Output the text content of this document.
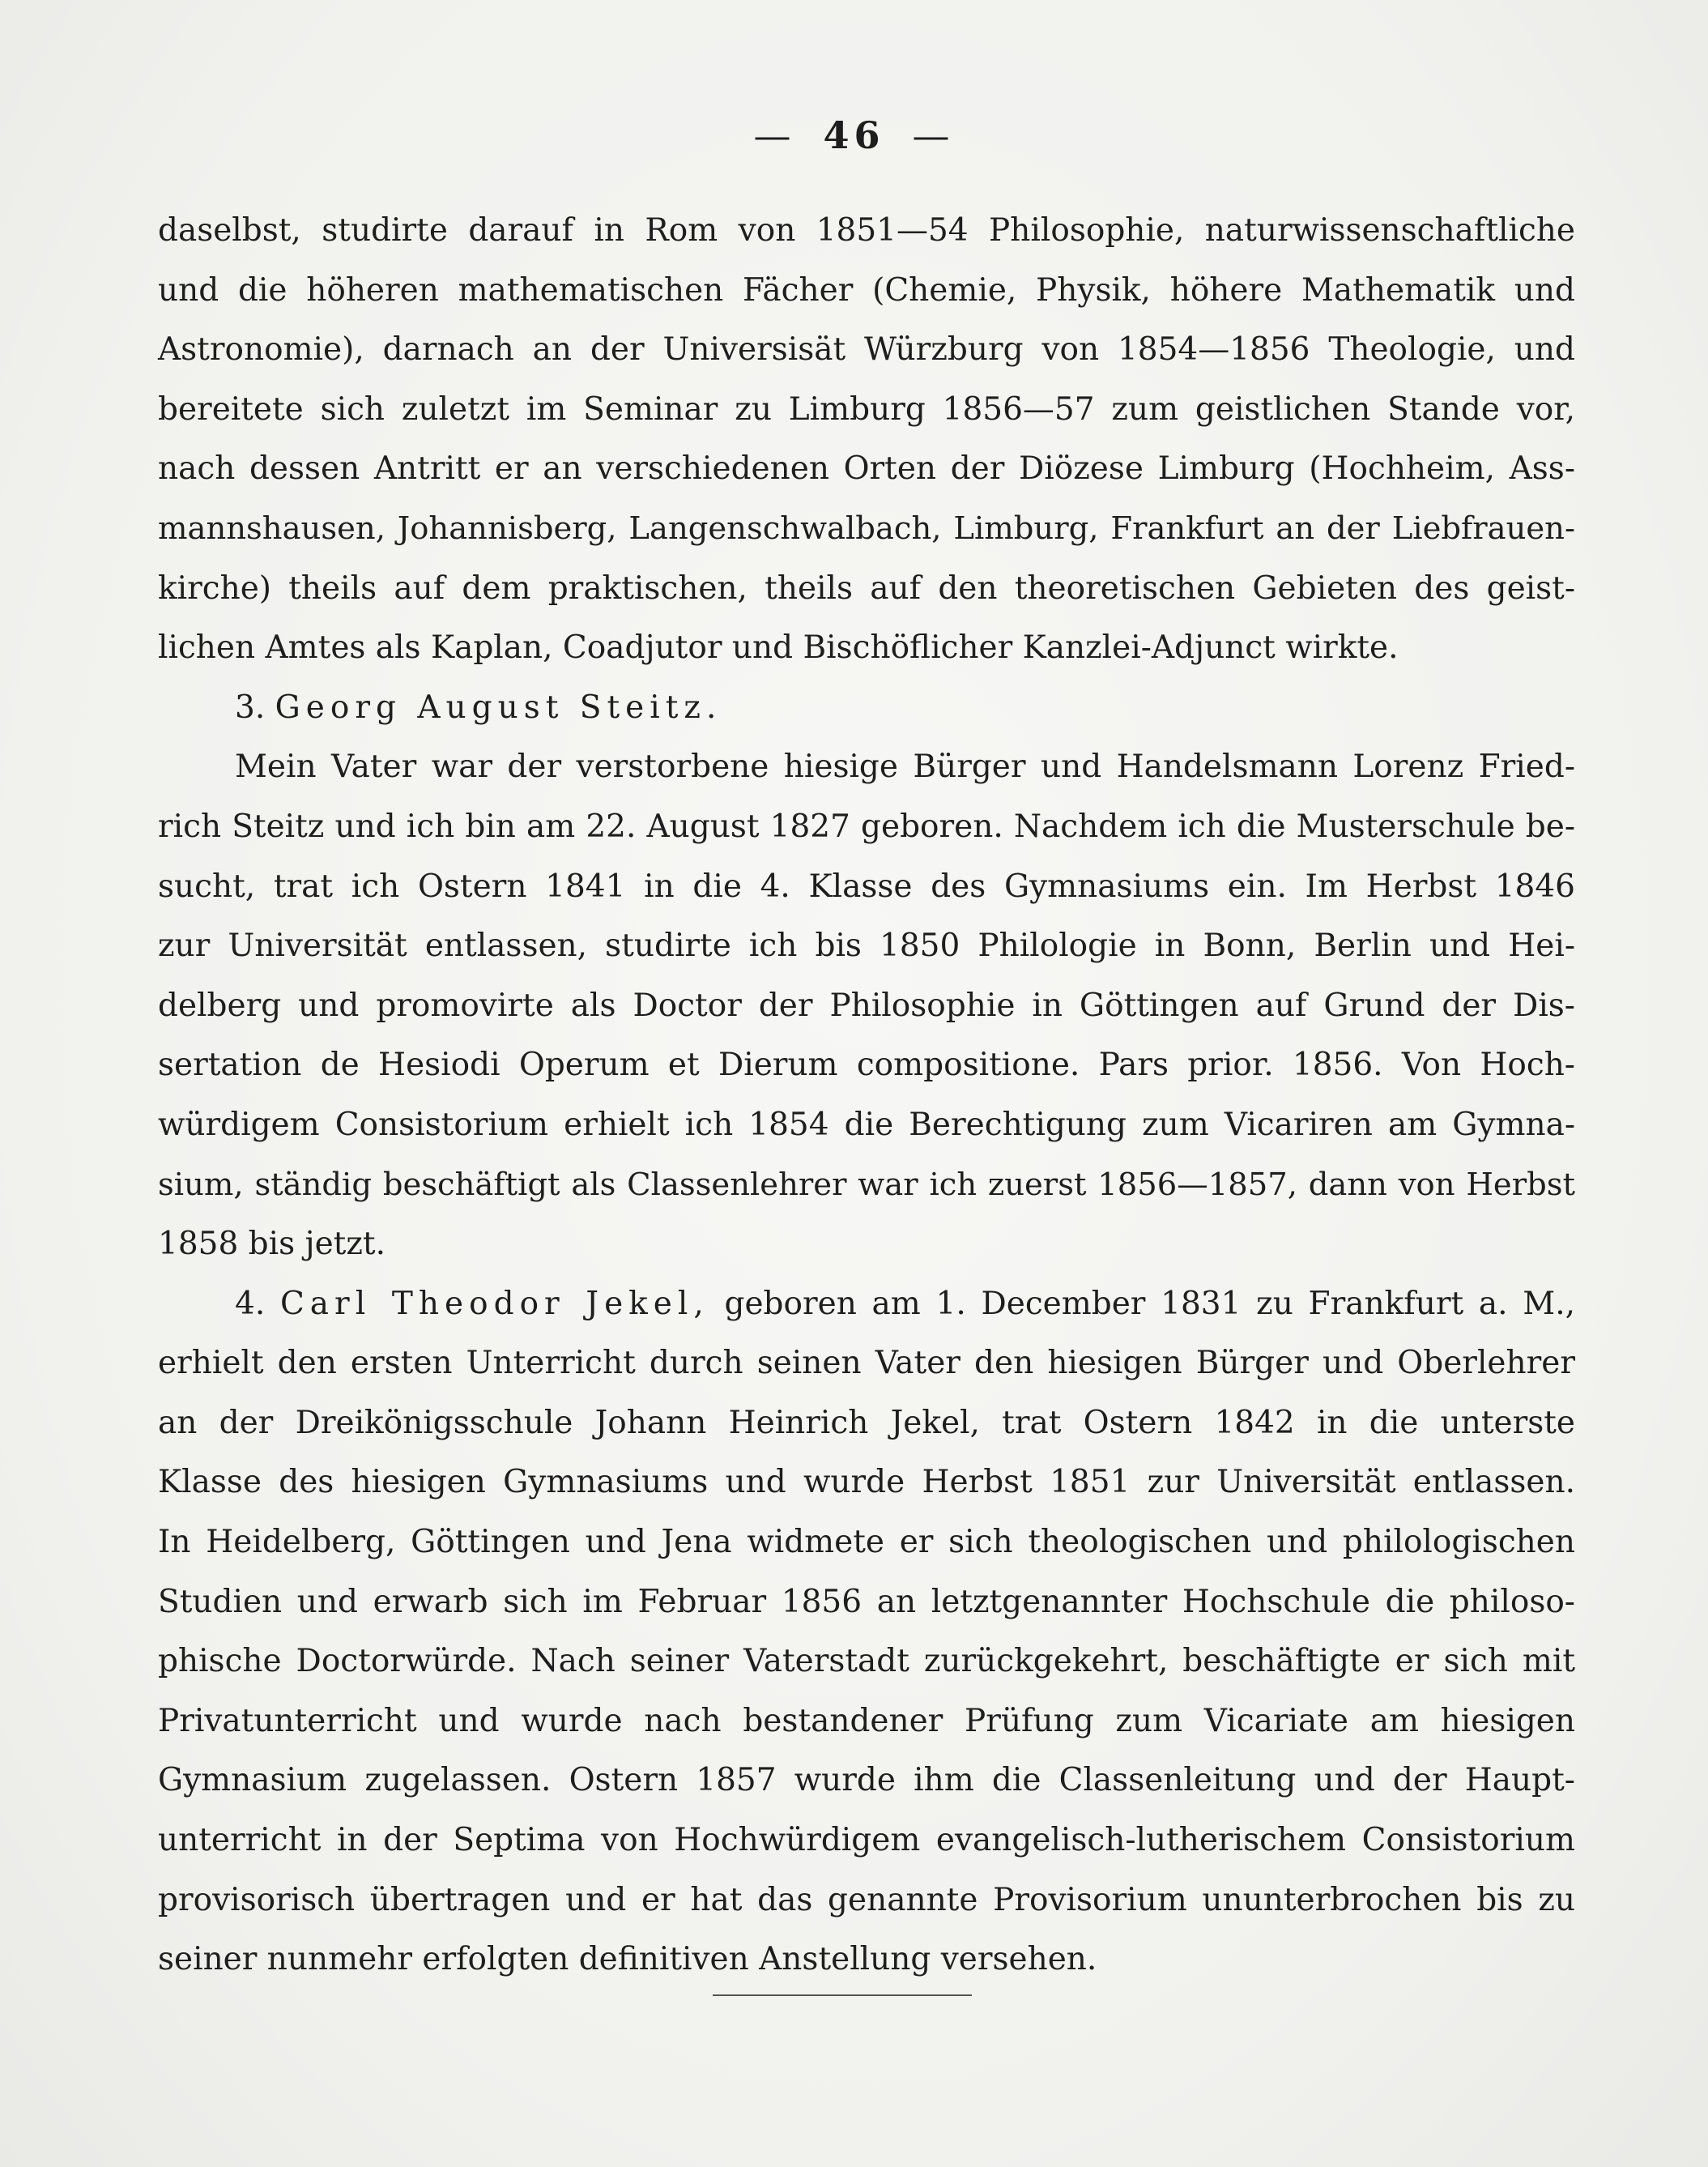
— 46 —
daselbst, studirte darauf in Rom von 1851—54 Philosophie, naturwissenschaftliche
und die höheren mathematischen Fächer (Chemie, Physik, höhere Mathematik und
Astronomie), darnach an der Universisät Würzburg von 1854—1856 Theologie, und
bereitete sich zuletzt im Seminar zu Limburg 1856—57 zum geistlichen Stande vor,
nach dessen Antritt er an verschiedenen Orten der Diözese Limburg (Hochheim, Ass-
mannshausen, Johannisberg, Langenschwalbach, Limburg, Frankfurt an der Liebfrauen-
kirche) theils auf dem praktischen, theils auf den theoretischen Gebieten des geist-
lichen Amtes als Kaplan, Coadjutor und Bischöflicher Kanzlei-Adjunct wirkte.
3. Georg August Steitz.
Mein Vater war der verstorbene hiesige Bürger und Handelsmann Lorenz Fried-
rich Steitz und ich bin am 22. August 1827 geboren. Nachdem ich die Musterschule be-
sucht, trat ich Ostern 1841 in die 4. Klasse des Gymnasiums ein. Im Herbst 1846
zur Universität entlassen, studirte ich bis 1850 Philologie in Bonn, Berlin und Hei-
delberg und promovirte als Doctor der Philosophie in Göttingen auf Grund der Dis-
sertation de Hesiodi Operum et Dierum compositione. Pars prior. 1856. Von Hoch-
würdigem Consistorium erhielt ich 1854 die Berechtigung zum Vicariren am Gymna-
sium, ständig beschäftigt als Classenlehrer war ich zuerst 1856—1857, dann von Herbst
1858 bis jetzt.
4. Carl Theodor Jekel, geboren am 1. December 1831 zu Frankfurt a. M.,
erhielt den ersten Unterricht durch seinen Vater den hiesigen Bürger und Oberlehrer
an der Dreikönigsschule Johann Heinrich Jekel, trat Ostern 1842 in die unterste
Klasse des hiesigen Gymnasiums und wurde Herbst 1851 zur Universität entlassen.
In Heidelberg, Göttingen und Jena widmete er sich theologischen und philologischen
Studien und erwarb sich im Februar 1856 an letztgenannter Hochschule die philoso-
phische Doctorwürde. Nach seiner Vaterstadt zurückgekehrt, beschäftigte er sich mit
Privatunterricht und wurde nach bestandener Prüfung zum Vicariate am hiesigen
Gymnasium zugelassen. Ostern 1857 wurde ihm die Classenleitung und der Haupt-
unterricht in der Septima von Hochwürdigem evangelisch-lutherischem Consistorium
provisorisch übertragen und er hat das genannte Provisorium ununterbrochen bis zu
seiner nunmehr erfolgten definitiven Anstellung versehen.
